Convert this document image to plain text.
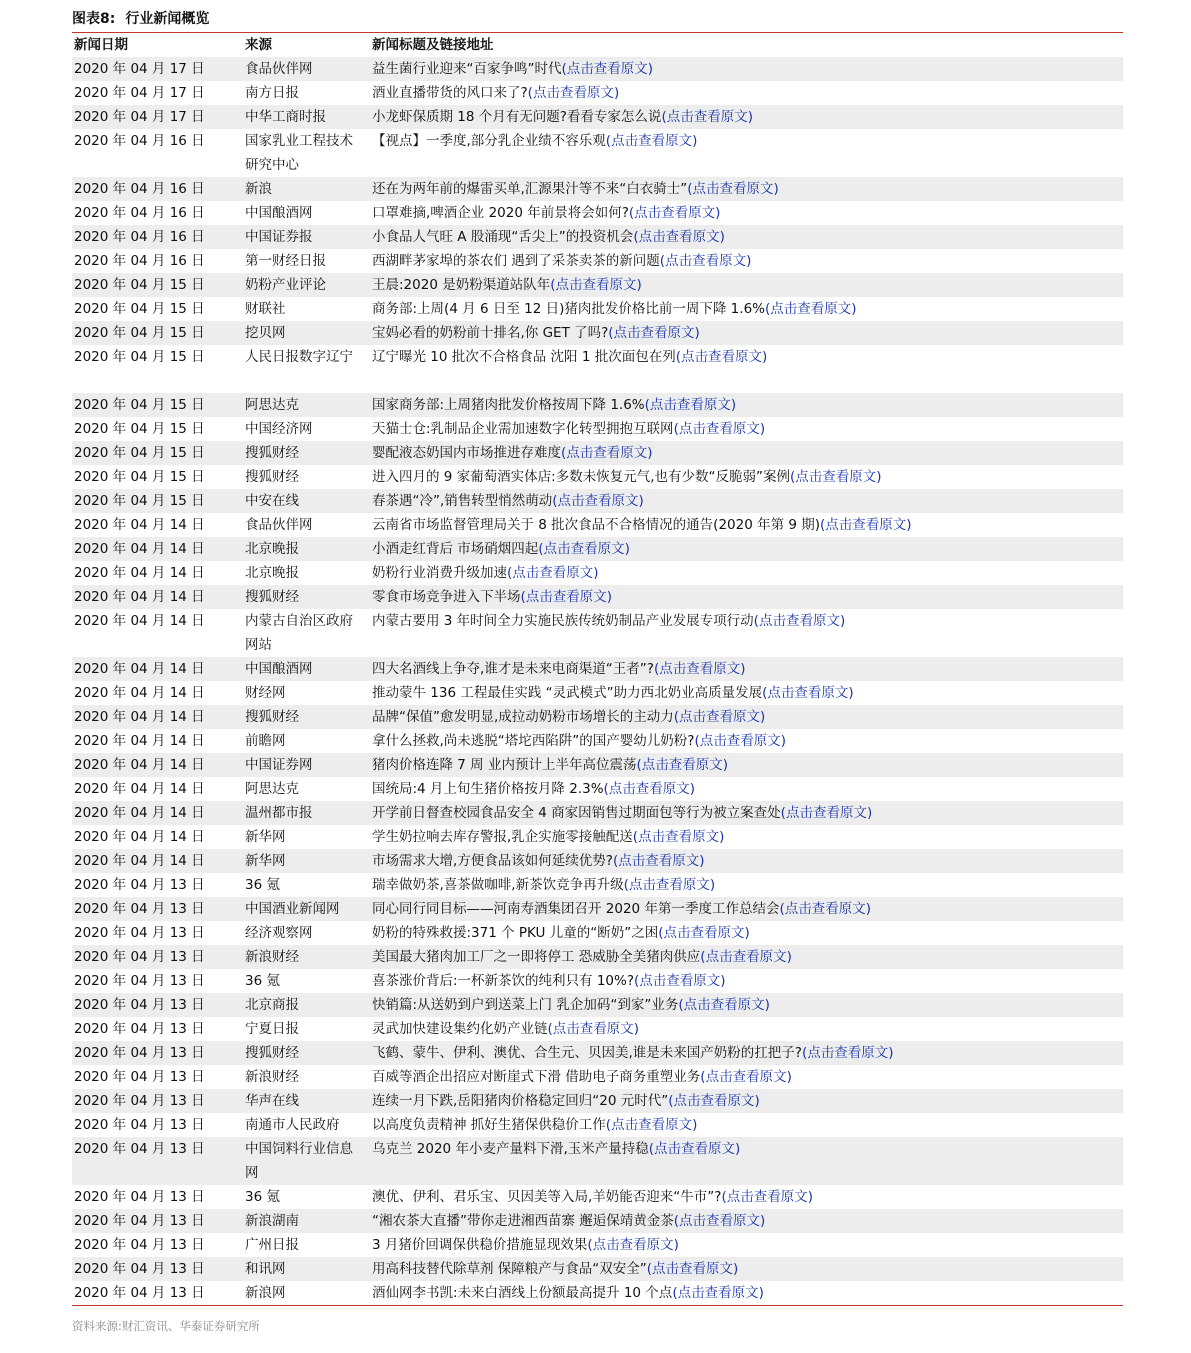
图表8: 行业新闻概览
新闻日期	来源	新闻标题及链接地址
2020 年 04 月 17 日	食品伙伴网	益生菌行业迎来“百家争鸣”时代(点击查看原文)
2020 年 04 月 17 日	南方日报	酒业直播带货的风口来了?(点击查看原文)
2020 年 04 月 17 日	中华工商时报	小龙虾保质期 18 个月有无问题?看看专家怎么说(点击查看原文)
2020 年 04 月 16 日	国家乳业工程技术研究中心	【视点】一季度,部分乳企业绩不容乐观(点击查看原文)
2020 年 04 月 16 日	新浪	还在为两年前的爆雷买单,汇源果汁等不来“白衣骑士”(点击查看原文)
2020 年 04 月 16 日	中国酿酒网	口罩难摘,啤酒企业 2020 年前景将会如何?(点击查看原文)
2020 年 04 月 16 日	中国证券报	小食品人气旺 A 股涌现“舌尖上”的投资机会(点击查看原文)
2020 年 04 月 16 日	第一财经日报	西湖畔茅家埠的茶农们 遇到了采茶卖茶的新问题(点击查看原文)
2020 年 04 月 15 日	奶粉产业评论	王晨:2020 是奶粉渠道站队年(点击查看原文)
2020 年 04 月 15 日	财联社	商务部:上周(4 月 6 日至 12 日)猪肉批发价格比前一周下降 1.6%(点击查看原文)
2020 年 04 月 15 日	挖贝网	宝妈必看的奶粉前十排名,你 GET 了吗?(点击查看原文)
2020 年 04 月 15 日	人民日报数字辽宁	辽宁曝光 10 批次不合格食品 沈阳 1 批次面包在列(点击查看原文)
2020 年 04 月 15 日	阿思达克	国家商务部:上周猪肉批发价格按周下降 1.6%(点击查看原文)
2020 年 04 月 15 日	中国经济网	天猫士仓:乳制品企业需加速数字化转型拥抱互联网(点击查看原文)
2020 年 04 月 15 日	搜狐财经	婴配液态奶国内市场推进存难度(点击查看原文)
2020 年 04 月 15 日	搜狐财经	进入四月的 9 家葡萄酒实体店:多数未恢复元气,也有少数“反脆弱”案例(点击查看原文)
2020 年 04 月 15 日	中安在线	春茶遇“冷”,销售转型悄然萌动(点击查看原文)
2020 年 04 月 14 日	食品伙伴网	云南省市场监督管理局关于 8 批次食品不合格情况的通告(2020 年第 9 期)(点击查看原文)
2020 年 04 月 14 日	北京晚报	小酒走红背后 市场硝烟四起(点击查看原文)
2020 年 04 月 14 日	北京晚报	奶粉行业消费升级加速(点击查看原文)
2020 年 04 月 14 日	搜狐财经	零食市场竞争进入下半场(点击查看原文)
2020 年 04 月 14 日	内蒙古自治区政府网站	内蒙古要用 3 年时间全力实施民族传统奶制品产业发展专项行动(点击查看原文)
2020 年 04 月 14 日	中国酿酒网	四大名酒线上争夺,谁才是未来电商渠道“王者”?(点击查看原文)
2020 年 04 月 14 日	财经网	推动蒙牛 136 工程最佳实践 “灵武模式”助力西北奶业高质量发展(点击查看原文)
2020 年 04 月 14 日	搜狐财经	品牌“保值”愈发明显,成拉动奶粉市场增长的主动力(点击查看原文)
2020 年 04 月 14 日	前瞻网	拿什么拯救,尚未逃脱“塔坨西陷阱”的国产婴幼儿奶粉?(点击查看原文)
2020 年 04 月 14 日	中国证券网	猪肉价格连降 7 周 业内预计上半年高位震荡(点击查看原文)
2020 年 04 月 14 日	阿思达克	国统局:4 月上旬生猪价格按月降 2.3%(点击查看原文)
2020 年 04 月 14 日	温州都市报	开学前日督查校园食品安全 4 商家因销售过期面包等行为被立案查处(点击查看原文)
2020 年 04 月 14 日	新华网	学生奶拉响去库存警报,乳企实施零接触配送(点击查看原文)
2020 年 04 月 14 日	新华网	市场需求大增,方便食品该如何延续优势?(点击查看原文)
2020 年 04 月 13 日	36 氪	瑞幸做奶茶,喜茶做咖啡,新茶饮竞争再升级(点击查看原文)
2020 年 04 月 13 日	中国酒业新闻网	同心同行同目标——河南寿酒集团召开 2020 年第一季度工作总结会(点击查看原文)
2020 年 04 月 13 日	经济观察网	奶粉的特殊救援:371 个 PKU 儿童的“断奶”之困(点击查看原文)
2020 年 04 月 13 日	新浪财经	美国最大猪肉加工厂之一即将停工 恐威胁全美猪肉供应(点击查看原文)
2020 年 04 月 13 日	36 氪	喜茶涨价背后:一杯新茶饮的纯利只有 10%?(点击查看原文)
2020 年 04 月 13 日	北京商报	快销篇:从送奶到户到送菜上门 乳企加码“到家”业务(点击查看原文)
2020 年 04 月 13 日	宁夏日报	灵武加快建设集约化奶产业链(点击查看原文)
2020 年 04 月 13 日	搜狐财经	飞鹤、蒙牛、伊利、澳优、合生元、贝因美,谁是未来国产奶粉的扛把子?(点击查看原文)
2020 年 04 月 13 日	新浪财经	百威等酒企出招应对断崖式下滑 借助电子商务重塑业务(点击查看原文)
2020 年 04 月 13 日	华声在线	连续一月下跌,岳阳猪肉价格稳定回归“20 元时代”(点击查看原文)
2020 年 04 月 13 日	南通市人民政府	以高度负责精神 抓好生猪保供稳价工作(点击查看原文)
2020 年 04 月 13 日	中国饲料行业信息网	乌克兰 2020 年小麦产量料下滑,玉米产量持稳(点击查看原文)
2020 年 04 月 13 日	36 氪	澳优、伊利、君乐宝、贝因美等入局,羊奶能否迎来“牛市”?(点击查看原文)
2020 年 04 月 13 日	新浪湖南	“湘农茶大直播”带你走进湘西苗寨 邂逅保靖黄金茶(点击查看原文)
2020 年 04 月 13 日	广州日报	3 月猪价回调保供稳价措施显现效果(点击查看原文)
2020 年 04 月 13 日	和讯网	用高科技替代除草剂 保障粮产与食品“双安全”(点击查看原文)
2020 年 04 月 13 日	新浪网	酒仙网李书凯:未来白酒线上份额最高提升 10 个点(点击查看原文)
资料来源:财汇资讯、华泰证券研究所
